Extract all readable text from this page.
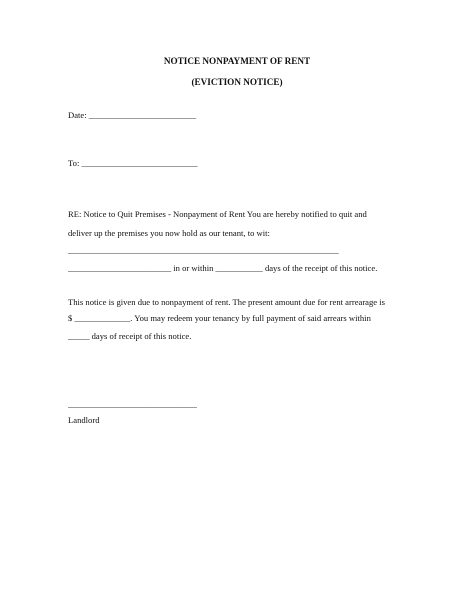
NOTICE NONPAYMENT OF RENT
(EVICTION NOTICE)
Date: _________________________
To: ___________________________
RE: Notice to Quit Premises - Nonpayment of Rent You are hereby notified to quit and
deliver up the premises you now hold as our tenant, to wit:
_______________________________________________________________
________________________ in or within ___________ days of the receipt of this notice.
This notice is given due to nonpayment of rent. The present amount due for rent arrearage is
$ _____________. You may redeem your tenancy by full payment of said arrears within
_____ days of receipt of this notice.
______________________________
Landlord
